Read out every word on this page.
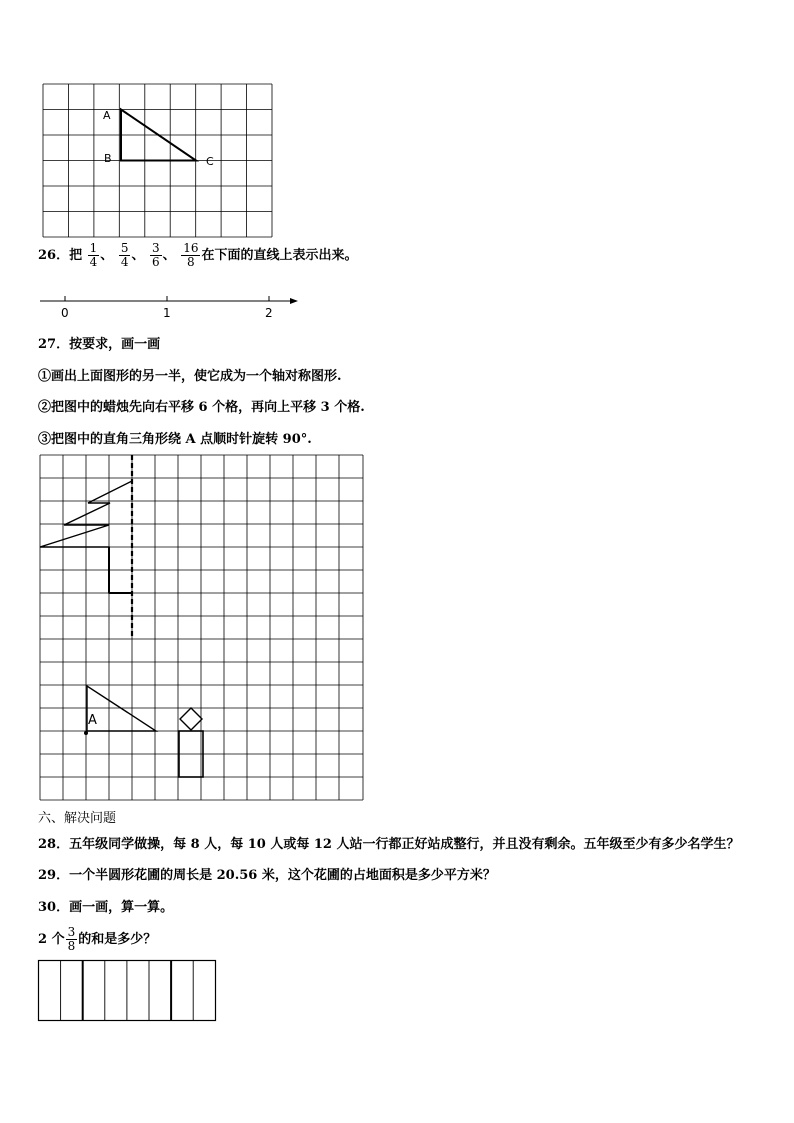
A
B	C
26．把 $\frac{1}{4}$ 、 $\frac{5}{4}$ 、 $\frac{3}{6}$ 、 $\frac{16}{8}$ 在下面的直线上表示出来。
0	1	2
27．按要求，画一画
①画出上面图形的另一半，使它成为一个轴对称图形.
②把图中的蜡烛先向右平移 6 个格，再向上平移 3 个格.
③把图中的直角三角形绕 A 点顺时针旋转 90°.
A
六、解决问题
28．五年级同学做操，每 8 人，每 10 人或每 12 人站一行都正好站成整行，并且没有剩余。五年级至少有多少名学生？
29．一个半圆形花圃的周长是 20.56 米，这个花圃的占地面积是多少平方米？
30．画一画，算一算。
2 个 $\frac{3}{8}$ 的和是多少？
